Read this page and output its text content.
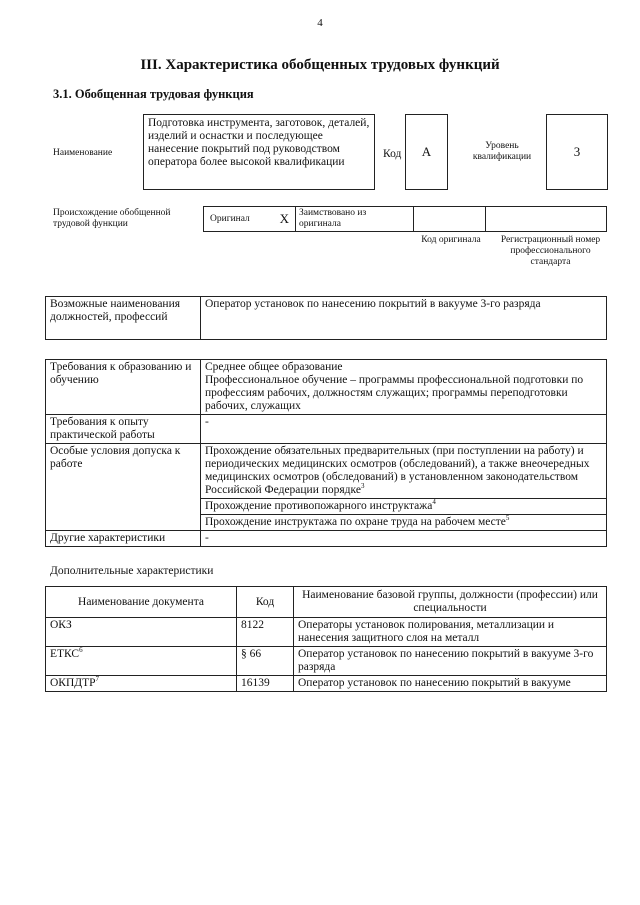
4
III. Характеристика обобщенных трудовых функций
3.1. Обобщенная трудовая функция
Наименование
Подготовка инструмента, заготовок, деталей, изделий и оснастки и последующее нанесение покрытий под руководством оператора более высокой квалификации
Код А	Уровень квалификации	3
Происхождение обобщенной трудовой функции
Оригинал Х	Заимствовано из оригинала
Код оригинала	Регистрационный номер профессионального стандарта
Возможные наименования должностей, профессий	Оператор установок по нанесению покрытий в вакууме 3-го разряда
Требования к образованию и обучению	Среднее общее образование
Профессиональное обучение – программы профессиональной подготовки по профессиям рабочих, должностям служащих; программы переподготовки рабочих, служащих

Требования к опыту практической работы	-
Особые условия допуска к работе	Прохождение обязательных предварительных (при поступлении на работу) и периодических медицинских осмотров (обследований), а также внеочередных медицинских осмотров (обследований) в установленном законодательством Российской Федерации порядке$^3$
	Прохождение противопожарного инструктажа$^4$
	Прохождение инструктажа по охране труда на рабочем месте$^5$
Другие характеристики	-
Дополнительные характеристики
Наименование документа	Код	Наименование базовой группы, должности (профессии) или специальности
ОКЗ	8122	Операторы установок полирования, металлизации и нанесения защитного слоя на металл
ЕТКС$^6$	§ 66	Оператор установок по нанесению покрытий в вакууме 3-го разряда
ОКПДТР$^7$	16139	Оператор установок по нанесению покрытий в вакууме
